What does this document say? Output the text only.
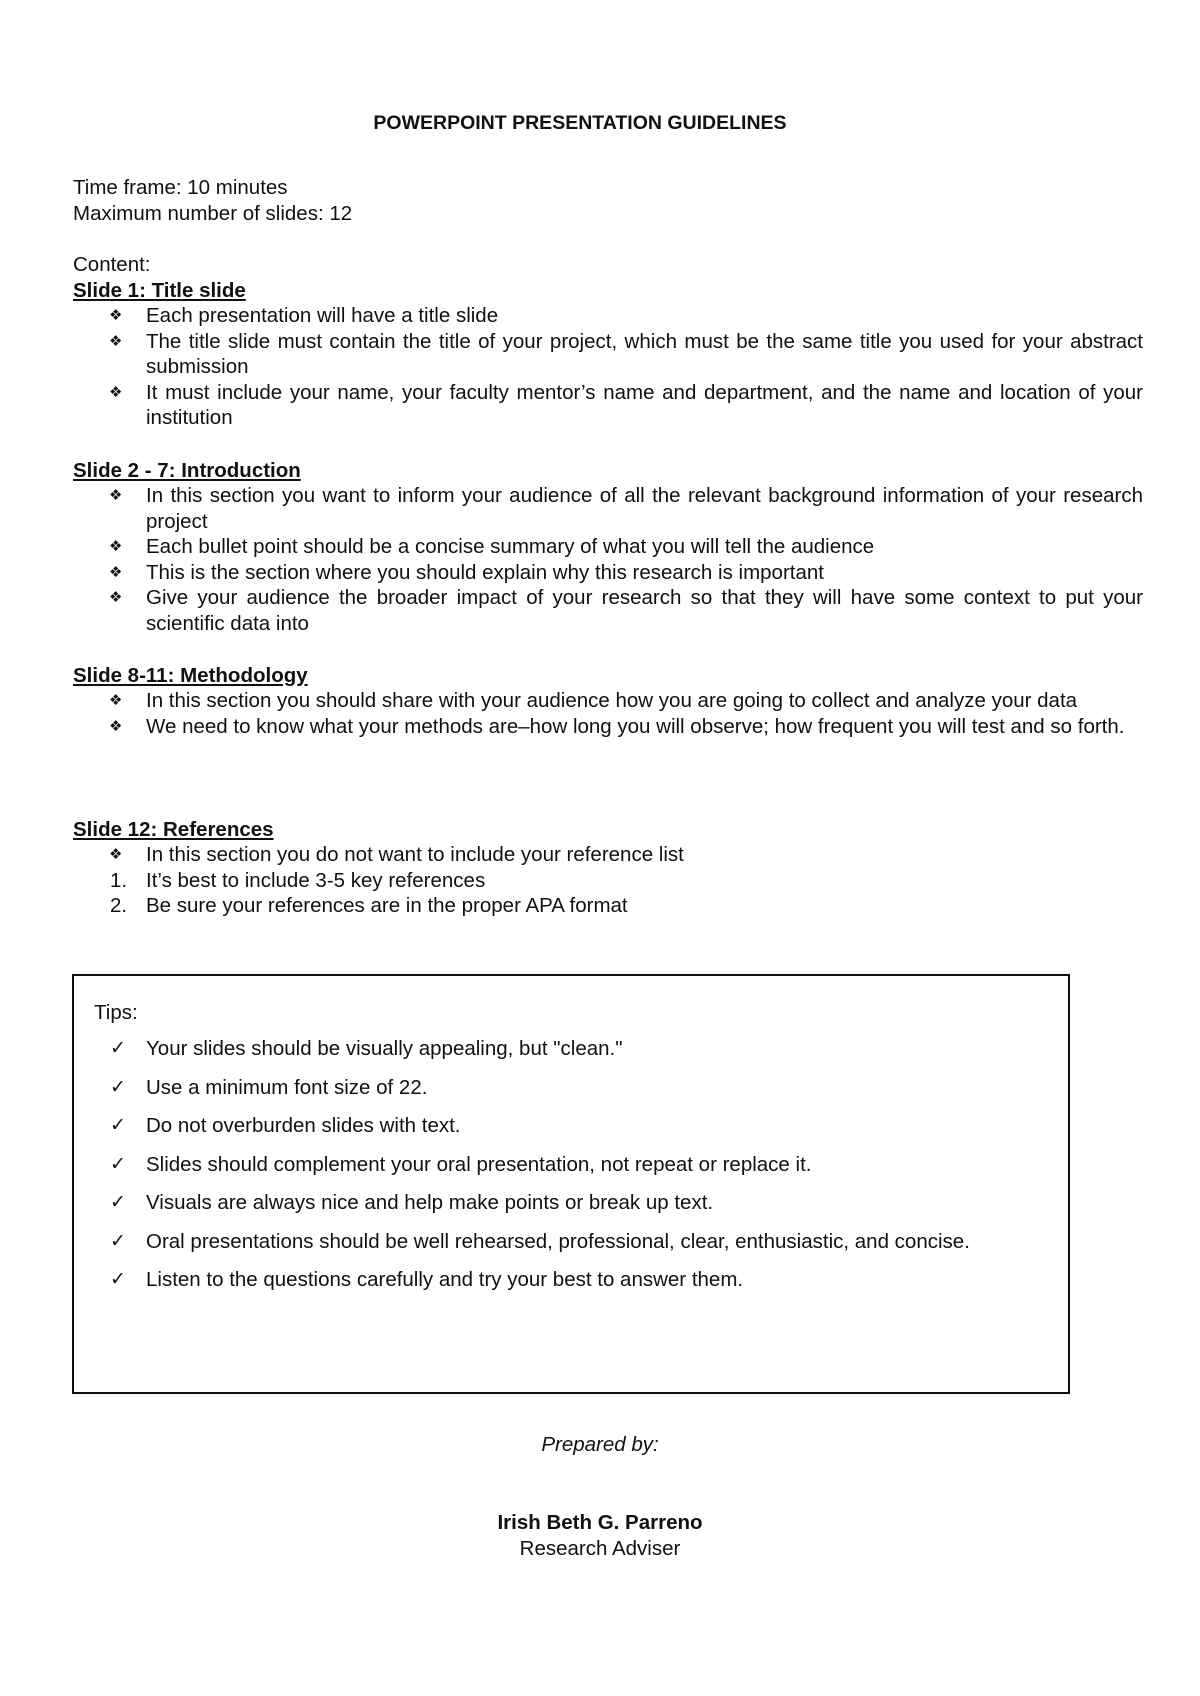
POWERPOINT PRESENTATION GUIDELINES
Time frame: 10 minutes
Maximum number of slides: 12
Content:
Slide 1: Title slide
❖	Each presentation will have a title slide
❖	The title slide must contain the title of your project, which must be the same title you used for your abstract submission
❖	It must include your name, your faculty mentor’s name and department, and the name and location of your institution
Slide 2 - 7: Introduction
❖	In this section you want to inform your audience of all the relevant background information of your research project
❖	Each bullet point should be a concise summary of what you will tell the audience
❖	This is the section where you should explain why this research is important
❖	Give your audience the broader impact of your research so that they will have some context to put your scientific data into
Slide 8-11: Methodology
❖	In this section you should share with your audience how you are going to collect and analyze your data
❖	We need to know what your methods are–how long you will observe; how frequent you will test and so forth.
Slide 12: References
❖	In this section you do not want to include your reference list
1. It’s best to include 3-5 key references
2. Be sure your references are in the proper APA format
Tips:
✓ Your slides should be visually appealing, but "clean."
✓ Use a minimum font size of 22.
✓ Do not overburden slides with text.
✓ Slides should complement your oral presentation, not repeat or replace it.
✓ Visuals are always nice and help make points or break up text.
✓ Oral presentations should be well rehearsed, professional, clear, enthusiastic, and concise.
✓ Listen to the questions carefully and try your best to answer them.
Prepared by:
Irish Beth G. Parreno
Research Adviser
